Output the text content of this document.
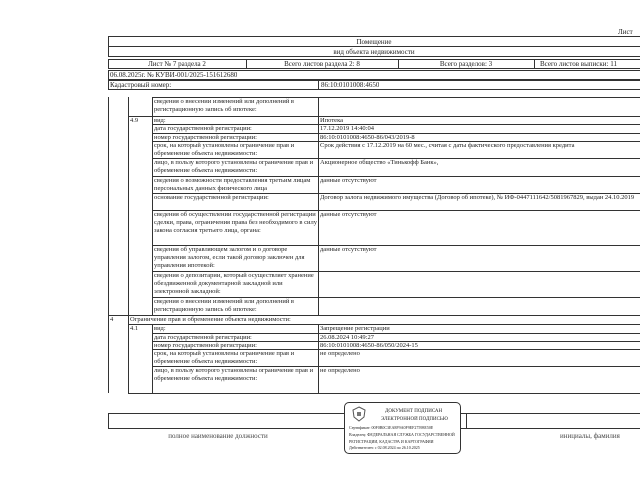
Лист
Помещение
вид объекта недвижимости
Лист № 7 раздела 2	Всего листов раздела 2: 8	Всего разделов: 3	Всего листов выписки: 11
06.08.2025г. № КУВИ-001/2025-151612680
Кадастровый номер:	86:10:0101008:4650
сведения о внесении изменений или дополнений в регистрационную запись об ипотеке:
4.9	вид:	Ипотека
дата государственной регистрации:	17.12.2019 14:40:04
номер государственной регистрации:	86:10:0101008:4650-86/043/2019-8
срок, на который установлены ограничение прав и обременение объекта недвижимости:
Срок действия с 17.12.2019 на 60 мес., считая с даты фактического предоставления кредита
лицо, в пользу которого установлены ограничение прав и обременение объекта недвижимости:
Акционерное общество «Тинькофф Банк»,
сведения о возможности предоставления третьим лицам персональных данных физического лица
данные отсутствуют
основание государственной регистрации:	Договор залога недвижимого имущества (Договор об ипотеке), № ИФ-0447111642/5081967829, выдан 24.10.2019
сведения об осуществлении государственной регистрации сделки, права, ограничения права без необходимого в силу закона согласия третьего лица, органа:
данные отсутствуют
сведения об управляющем залогом и о договоре управления залогом, если такой договор заключен для управления ипотекой:
данные отсутствуют
сведения о депозитарии, который осуществляет хранение обездвиженной документарной закладной или электронной закладной:
сведения о внесении изменений или дополнений в регистрационную запись об ипотеке:
4	Ограничение прав и обременение объекта недвижимости:
4.1	вид:	Запрещение регистрации
дата государственной регистрации:	26.08.2024 10:49:27
номер государственной регистрации:	86:10:0101008:4650-86/050/2024-15
срок, на который установлены ограничение прав и обременение объекта недвижимости:
не определено
лицо, в пользу которого установлены ограничение прав и обременение объекта недвижимости:
не определено
полное наименование должности	инициалы, фамилия
ДОКУМЕНТ ПОДПИСАН
ЭЛЕКТРОННОЙ ПОДПИСЬЮ
Сертификат: 00F0B0C3EA8F9A0F9EF27598E50E
Владелец: ФЕДЕРАЛЬНАЯ СЛУЖБА ГОСУДАРСТВЕННОЙ
РЕГИСТРАЦИИ, КАДАСТРА И КАРТОГРАФИИ
Действителен: с 02.08.2024 по 26.10.2025
